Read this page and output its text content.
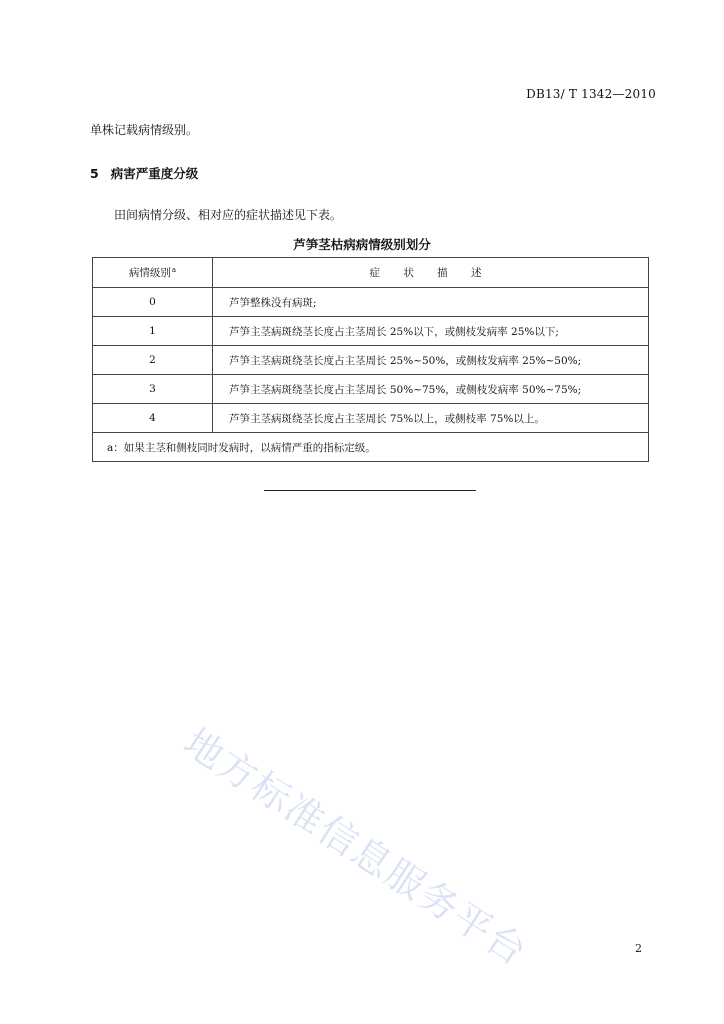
DB13/ T 1342—2010
单株记载病情级别。
5 病害严重度分级
田间病情分级、相对应的症状描述见下表。
芦笋茎枯病病情级别划分
病情级别$^a$	症 状 描 述
0	芦笋整株没有病斑;
1	芦笋主茎病斑绕茎长度占主茎周长 25%以下，或侧枝发病率 25%以下;
2	芦笋主茎病斑绕茎长度占主茎周长 25%~50%，或侧枝发病率 25%~50%;
3	芦笋主茎病斑绕茎长度占主茎周长 50%~75%，或侧枝发病率 50%~75%;
4	芦笋主茎病斑绕茎长度占主茎周长 75%以上，或侧枝率 75%以上。
a：如果主茎和侧枝同时发病时，以病情严重的指标定级。	
地方标准信息服务平台	2
